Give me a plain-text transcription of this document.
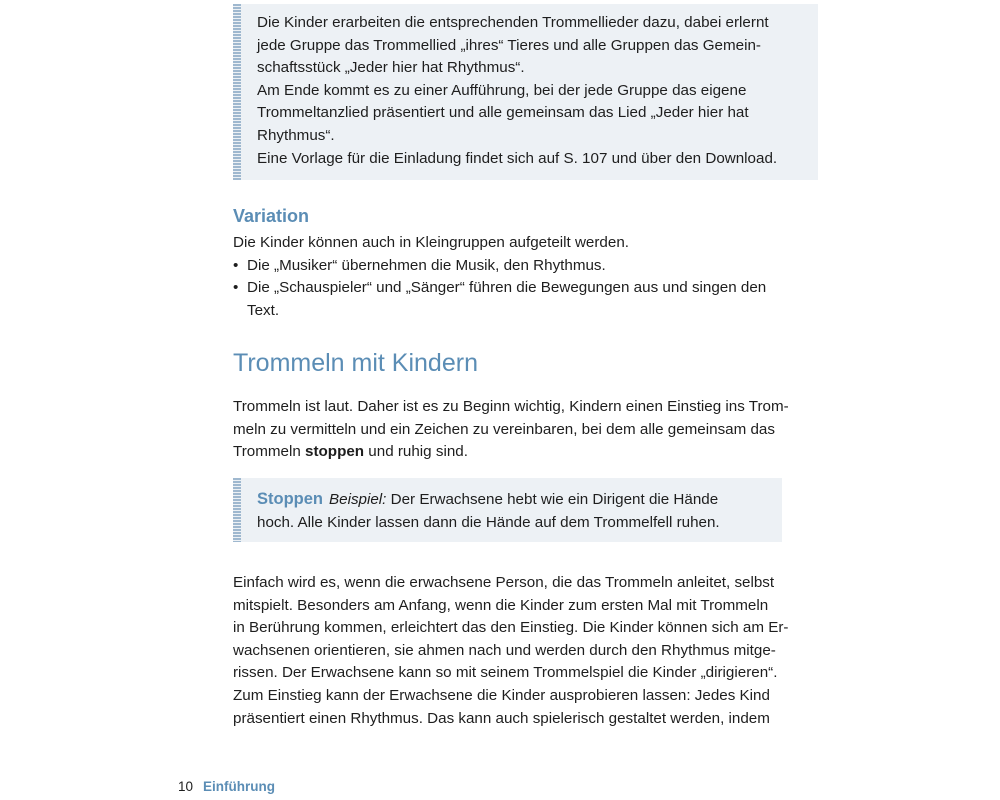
Die Kinder erarbeiten die entsprechenden Trommellieder dazu, dabei erlernt

jede Gruppe das Trommellied „ihres“ Tieres und alle Gruppen das Gemein-

schaftsstück „Jeder hier hat Rhythmus“.

Am Ende kommt es zu einer Aufführung, bei der jede Gruppe das eigene

Trommeltanzlied präsentiert und alle gemeinsam das Lied „Jeder hier hat

Rhythmus“.

Eine Vorlage für die Einladung findet sich auf S. 107 und über den Download.

Variation

Die Kinder können auch in Kleingruppen aufgeteilt werden.

• Die „Musiker“ übernehmen die Musik, den Rhythmus.
• Die „Schauspieler“ und „Sänger“ führen die Bewegungen aus und singen den
Text.
Trommeln mit Kindern

Trommeln ist laut. Daher ist es zu Beginn wichtig, Kindern einen Einstieg ins Trom-

meln zu vermitteln und ein Zeichen zu vereinbaren, bei dem alle gemeinsam das

Trommeln stoppen und ruhig sind.

Stoppen Beispiel: Der Erwachsene hebt wie ein Dirigent die Hände

hoch. Alle Kinder lassen dann die Hände auf dem Trommelfell ruhen.

Einfach wird es, wenn die erwachsene Person, die das Trommeln anleitet, selbst

mitspielt. Besonders am Anfang, wenn die Kinder zum ersten Mal mit Trommeln

in Berührung kommen, erleichtert das den Einstieg. Die Kinder können sich am Er-

wachsenen orientieren, sie ahmen nach und werden durch den Rhythmus mitge-

rissen. Der Erwachsene kann so mit seinem Trommelspiel die Kinder „dirigieren“.

Zum Einstieg kann der Erwachsene die Kinder ausprobieren lassen: Jedes Kind

präsentiert einen Rhythmus. Das kann auch spielerisch gestaltet werden, indem

10 Einführung
